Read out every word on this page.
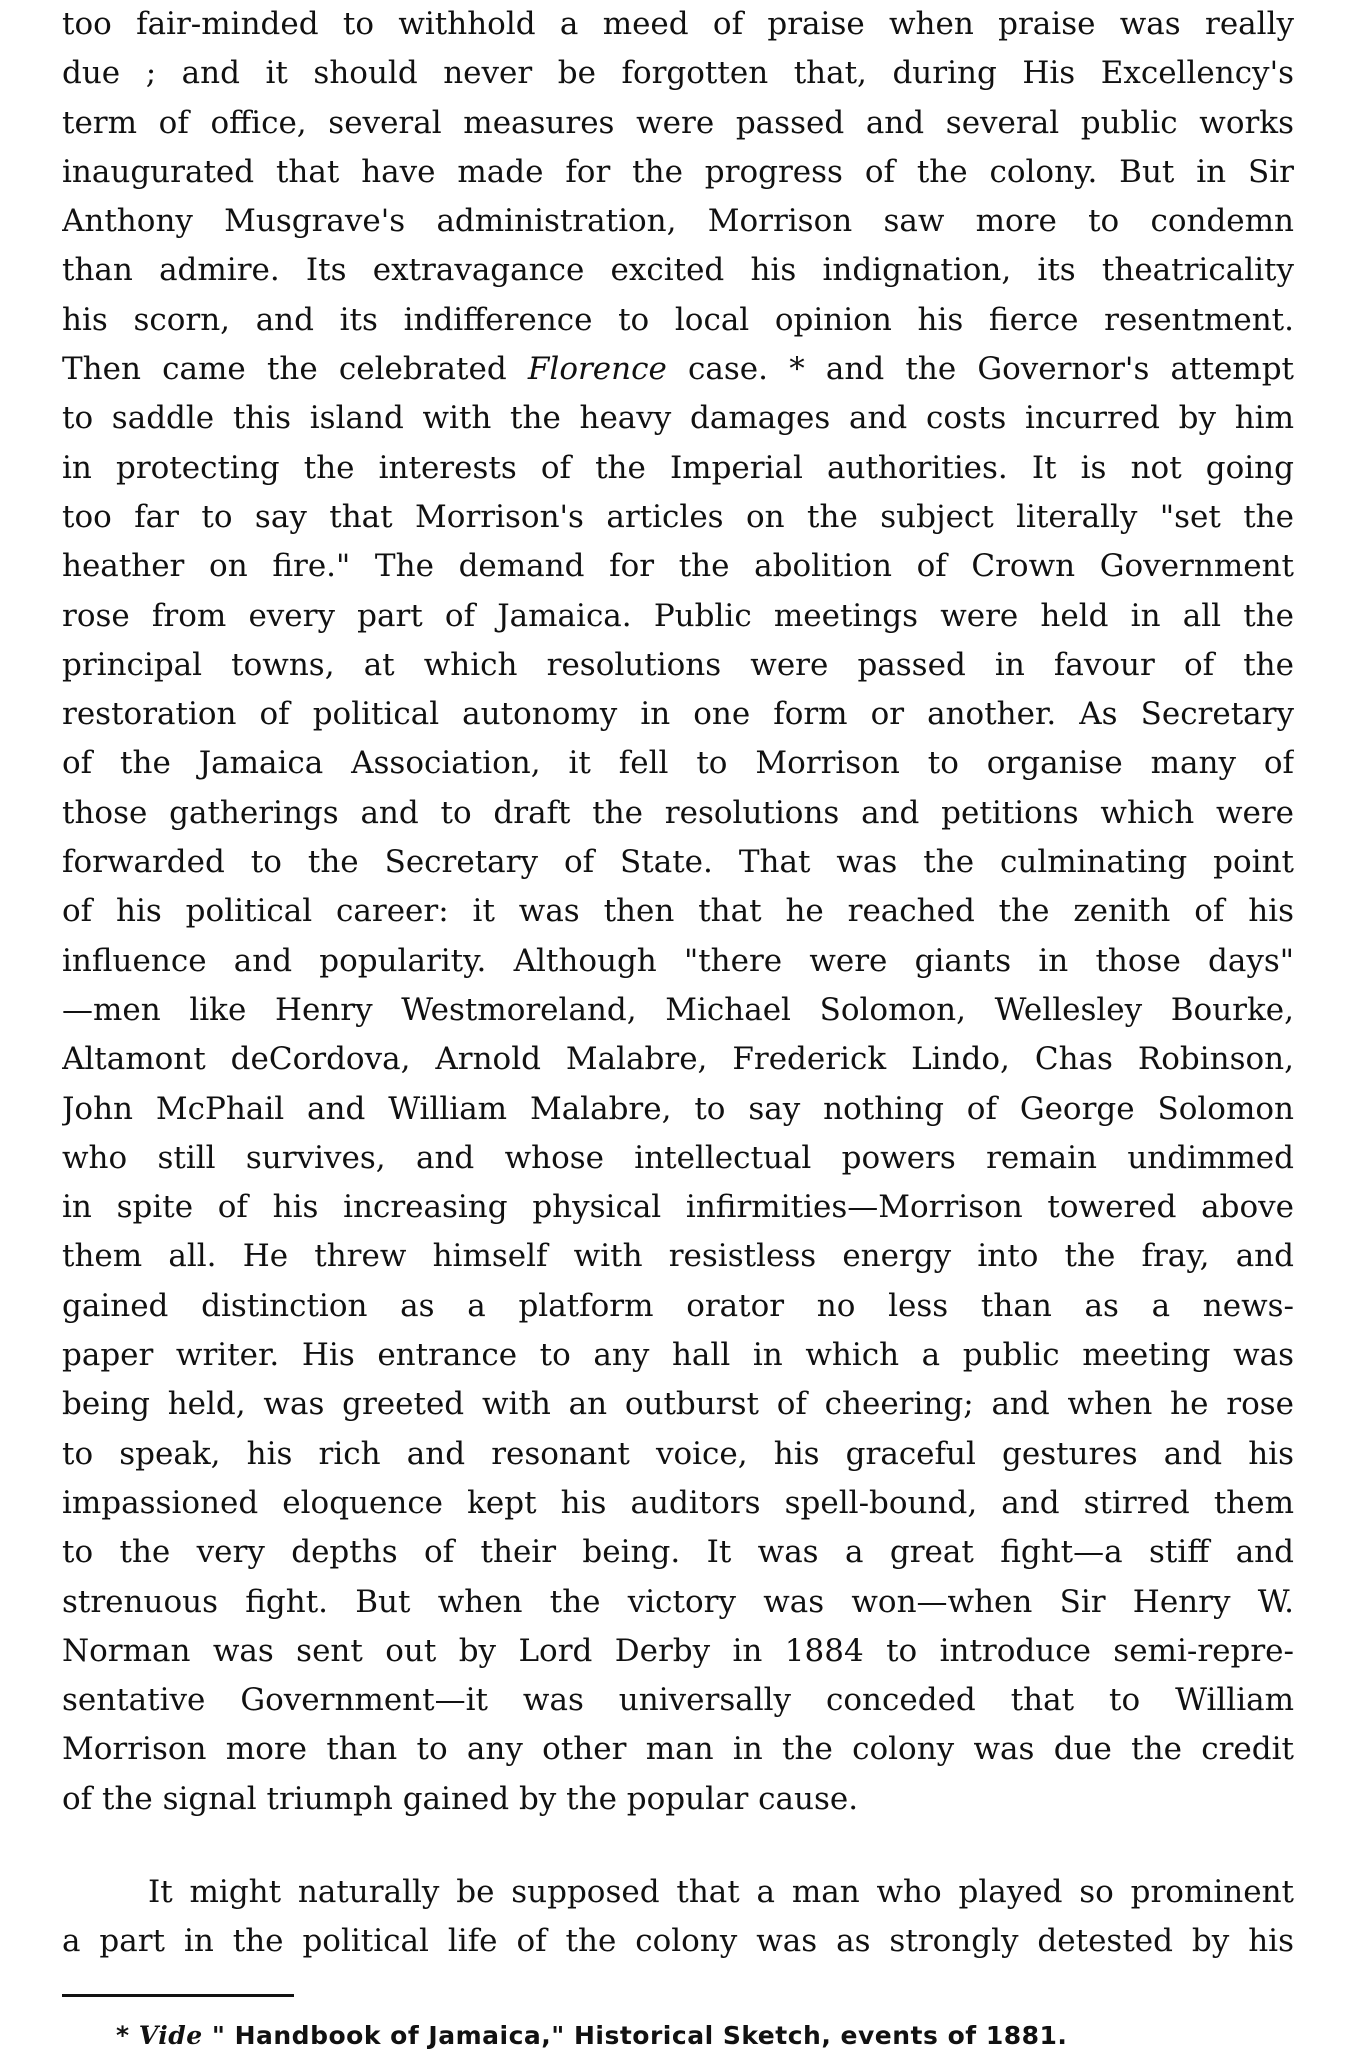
too fair-minded to withhold a meed of praise when praise was really
due ; and it should never be forgotten that, during His Excellency's
term of office, several measures were passed and several public works
inaugurated that have made for the progress of the colony. But in Sir
Anthony Musgrave's administration, Morrison saw more to condemn
than admire. Its extravagance excited his indignation, its theatricality
his scorn, and its indifference to local opinion his fierce resentment.
Then came the celebrated Florence case. * and the Governor's attempt
to saddle this island with the heavy damages and costs incurred by him
in protecting the interests of the Imperial authorities. It is not going
too far to say that Morrison's articles on the subject literally "set the
heather on fire." The demand for the abolition of Crown Government
rose from every part of Jamaica. Public meetings were held in all the
principal towns, at which resolutions were passed in favour of the
restoration of political autonomy in one form or another. As Secretary
of the Jamaica Association, it fell to Morrison to organise many of
those gatherings and to draft the resolutions and petitions which were
forwarded to the Secretary of State. That was the culminating point
of his political career: it was then that he reached the zenith of his
influence and popularity. Although "there were giants in those days"
—men like Henry Westmoreland, Michael Solomon, Wellesley Bourke,
Altamont deCordova, Arnold Malabre, Frederick Lindo, Chas Robinson,
John McPhail and William Malabre, to say nothing of George Solomon
who still survives, and whose intellectual powers remain undimmed
in spite of his increasing physical infirmities—Morrison towered above
them all. He threw himself with resistless energy into the fray, and
gained distinction as a platform orator no less than as a news-
paper writer. His entrance to any hall in which a public meeting was
being held, was greeted with an outburst of cheering; and when he rose
to speak, his rich and resonant voice, his graceful gestures and his
impassioned eloquence kept his auditors spell-bound, and stirred them
to the very depths of their being. It was a great fight—a stiff and
strenuous fight. But when the victory was won—when Sir Henry W.
Norman was sent out by Lord Derby in 1884 to introduce semi-repre-
sentative Government—it was universally conceded that to William
Morrison more than to any other man in the colony was due the credit
of the signal triumph gained by the popular cause.
It might naturally be supposed that a man who played so prominent
a part in the political life of the colony was as strongly detested by his
* Vide " Handbook of Jamaica," Historical Sketch, events of 1881.
